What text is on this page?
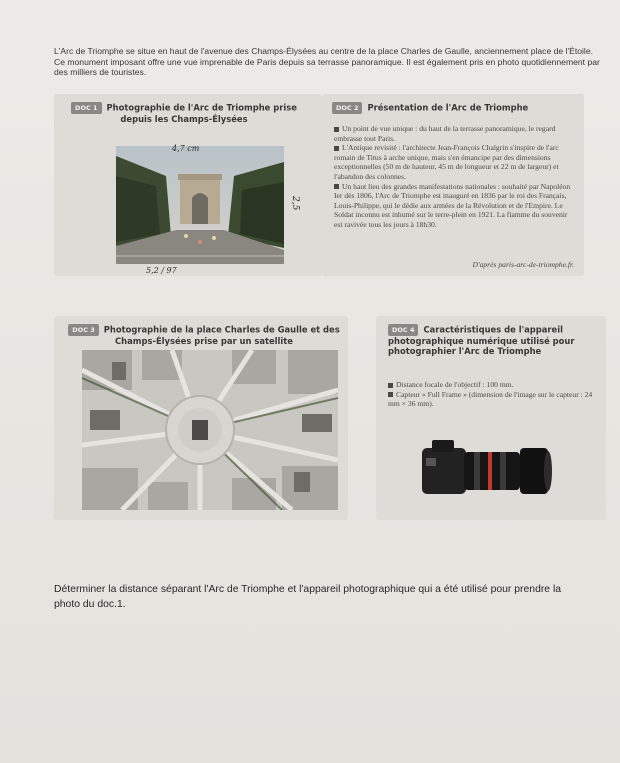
L'Arc de Triomphe se situe en haut de l'avenue des Champs-Élysées au centre de la place Charles de Gaulle, anciennement place de l'Étoile. Ce monument imposant offre une vue imprenable de Paris depuis sa terrasse panoramique. Il est également pris en photo quotidiennement par des milliers de touristes.
DOC 1 Photographie de l'Arc de Triomphe prise depuis les Champs-Élysées
4,7 cm
2,5
5,2 / 97
DOC 2 Présentation de l'Arc de Triomphe
Un point de vue unique : du haut de la terrasse panoramique, le regard embrasse tout Paris.
L'Antique revisité : l'architecte Jean-François Chalgrin s'inspire de l'arc romain de Titus à arche unique, mais s'en émancipe par des dimensions exceptionnelles (50 m de hauteur, 45 m de longueur et 22 m de largeur) et l'abandon des colonnes.
Un haut lieu des grandes manifestations nationales : souhaité par Napoléon Ier dès 1806, l'Arc de Triomphe est inauguré en 1836 par le roi des Français, Louis-Philippe, qui le dédie aux armées de la Révolution et de l'Empire. Le Soldat inconnu est inhumé sur le terre-plein en 1921. La flamme du souvenir est ravivée tous les jours à 18h30.
D'après paris-arc-de-triomphe.fr.
DOC 3 Photographie de la place Charles de Gaulle et des Champs-Élysées prise par un satellite
DOC 4 Caractéristiques de l'appareil photographique numérique utilisé pour photographier l'Arc de Triomphe
Distance focale de l'objectif : 100 mm.
Capteur « Full Frame » (dimension de l'image sur le capteur : 24 mm × 36 mm).
Déterminer la distance séparant l'Arc de Triomphe et l'appareil photographique qui a été utilisé pour prendre la photo du doc.1.
